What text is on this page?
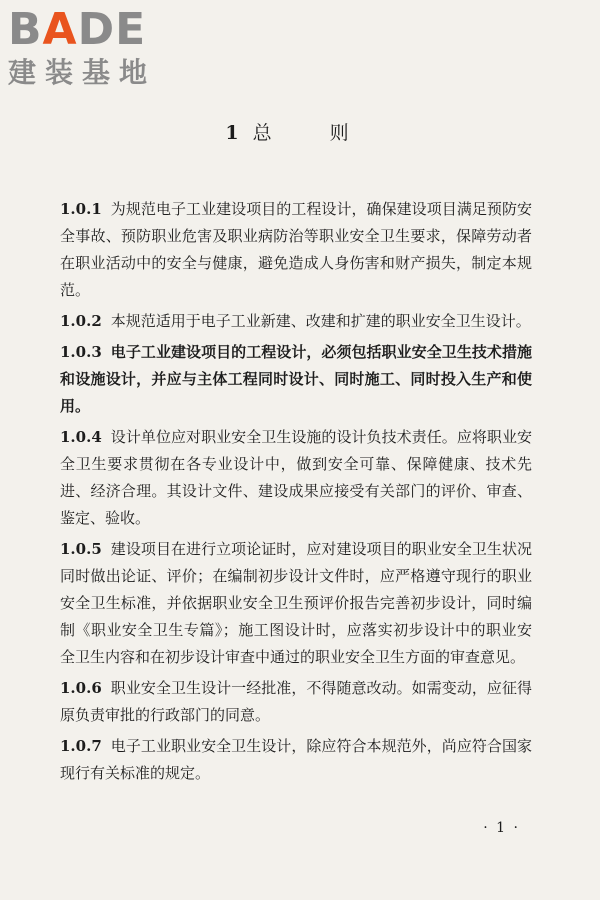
BADE
建装基地
1 总 则

1.0.1 为规范电子工业建设项目的工程设计，确保建设项目满足预防安全事故、预防职业危害及职业病防治等职业安全卫生要求，保障劳动者在职业活动中的安全与健康，避免造成人身伤害和财产损失，制定本规范。

1.0.2 本规范适用于电子工业新建、改建和扩建的职业安全卫生设计。

1.0.3 电子工业建设项目的工程设计，必须包括职业安全卫生技术措施和设施设计，并应与主体工程同时设计、同时施工、同时投入生产和使用。

1.0.4 设计单位应对职业安全卫生设施的设计负技术责任。应将职业安全卫生要求贯彻在各专业设计中，做到安全可靠、保障健康、技术先进、经济合理。其设计文件、建设成果应接受有关部门的评价、审查、鉴定、验收。

1.0.5 建设项目在进行立项论证时，应对建设项目的职业安全卫生状况同时做出论证、评价；在编制初步设计文件时，应严格遵守现行的职业安全卫生标准，并依据职业安全卫生预评价报告完善初步设计，同时编制《职业安全卫生专篇》；施工图设计时，应落实初步设计中的职业安全卫生内容和在初步设计审查中通过的职业安全卫生方面的审查意见。

1.0.6 职业安全卫生设计一经批准，不得随意改动。如需变动，应征得原负责审批的行政部门的同意。

1.0.7 电子工业职业安全卫生设计，除应符合本规范外，尚应符合国家现行有关标准的规定。

· 1 ·
